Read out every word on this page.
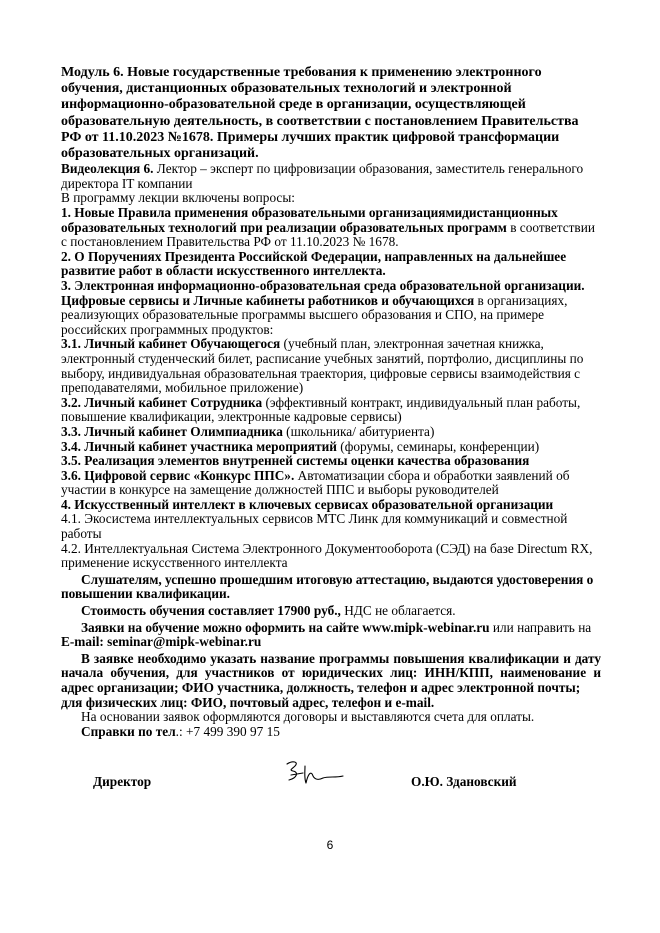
Модуль 6. Новые государственные требования к применению электронного обучения, дистанционных образовательных технологий и электронной информационно-образовательной среде в организации, осуществляющей образовательную деятельность, в соответствии с постановлением Правительства РФ от 11.10.2023 №1678. Примеры лучших практик цифровой трансформации образовательных организаций.

Видеолекция 6. Лектор – эксперт по цифровизации образования, заместитель генерального директора IT компании

В программу лекции включены вопросы:

1. Новые Правила применения образовательными организациямидистанционных образовательных технологий при реализации образовательных программ в соответствии с постановлением Правительства РФ от 11.10.2023 № 1678.

2. О Поручениях Президента Российской Федерации, направленных на дальнейшее развитие работ в области искусственного интеллекта.

3. Электронная информационно-образовательная среда образовательной организации. Цифровые сервисы и Личные кабинеты работников и обучающихся в организациях, реализующих образовательные программы высшего образования и СПО, на примере российских программных продуктов:

3.1. Личный кабинет Обучающегося (учебный план, электронная зачетная книжка, электронный студенческий билет, расписание учебных занятий, портфолио, дисциплины по выбору, индивидуальная образовательная траектория, цифровые сервисы взаимодействия с преподавателями, мобильное приложение)

3.2. Личный кабинет Сотрудника (эффективный контракт, индивидуальный план работы, повышение квалификации, электронные кадровые сервисы)

3.3. Личный кабинет Олимпиадника (школьника/ абитуриента)

3.4. Личный кабинет участника мероприятий (форумы, семинары, конференции)

3.5. Реализация элементов внутренней системы оценки качества образования

3.6. Цифровой сервис «Конкурс ППС». Автоматизации сбора и обработки заявлений об участии в конкурсе на замещение должностей ППС и выборы руководителей

4. Искусственный интеллект в ключевых сервисах образовательной организации

4.1. Экосистема интеллектуальных сервисов МТС Линк для коммуникаций и совместной работы

4.2. Интеллектуальная Система Электронного Документооборота (СЭД) на базе Directum RX, применение искусственного интеллекта

Слушателям, успешно прошедшим итоговую аттестацию, выдаются удостоверения о повышении квалификации.

Стоимость обучения составляет 17900 руб., НДС не облагается.

Заявки на обучение можно оформить на сайте www.mipk-webinar.ru или направить на E-mail: seminar@mipk-webinar.ru

В заявке необходимо указать название программы повышения квалификации и дату начала обучения, для участников от юридических лиц: ИНН/КПП, наименование и адрес организации; ФИО участника, должность, телефон и адрес электронной почты;

для физических лиц: ФИО, почтовый адрес, телефон и e-mail.

На основании заявок оформляются договоры и выставляются счета для оплаты.

Справки по тел.: +7 499 390 97 15

Директор	О.Ю. Здановский
6
